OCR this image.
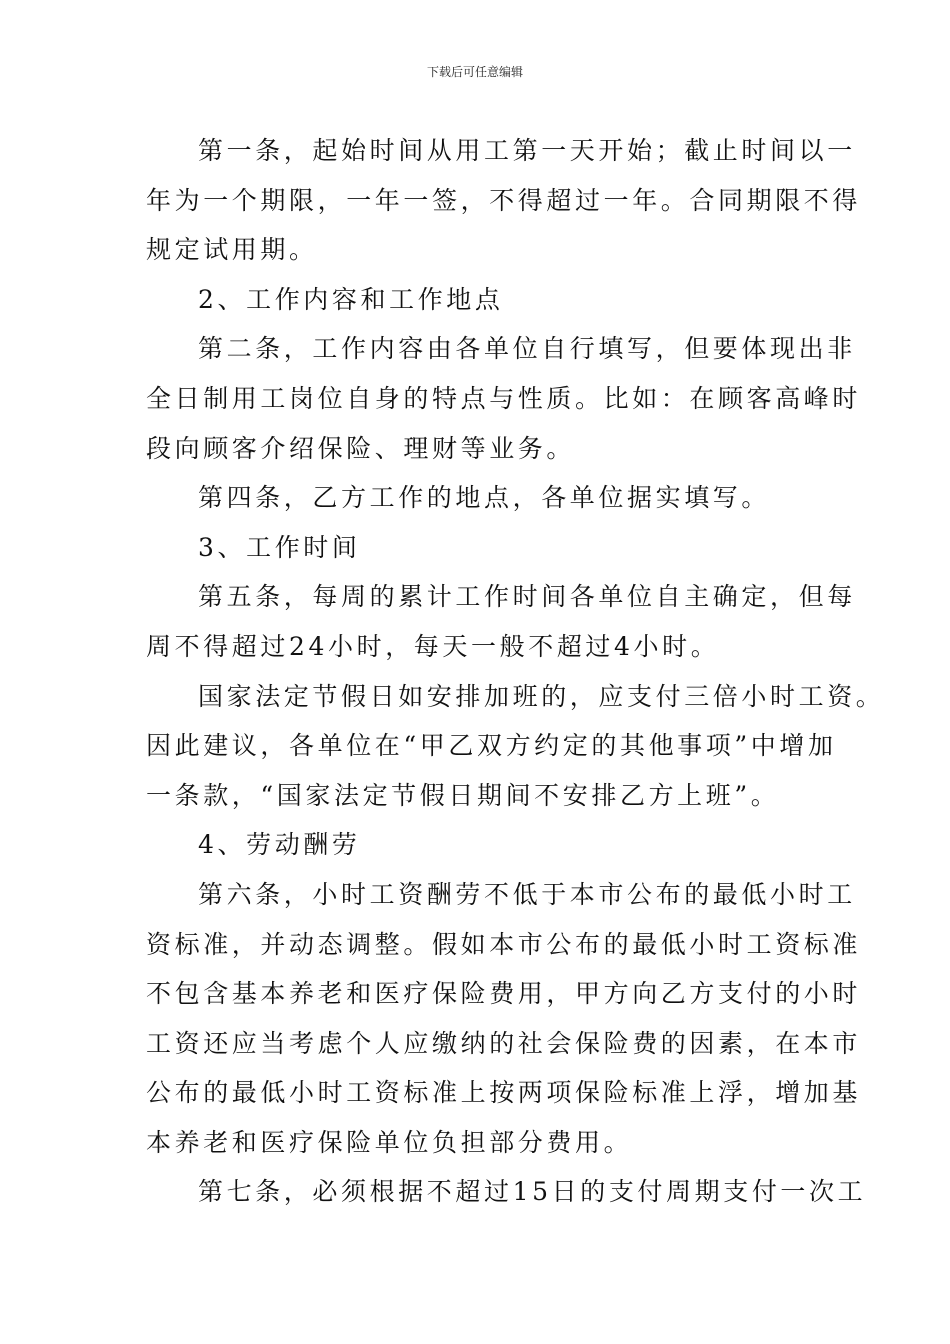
下载后可任意编辑
第一条，起始时间从用工第一天开始；截止时间以一
年为一个期限，一年一签，不得超过一年。合同期限不得
规定试用期。
2、工作内容和工作地点
第二条，工作内容由各单位自行填写，但要体现出非
全日制用工岗位自身的特点与性质。比如：在顾客高峰时
段向顾客介绍保险、理财等业务。
第四条，乙方工作的地点，各单位据实填写。
3、工作时间
第五条，每周的累计工作时间各单位自主确定，但每
周不得超过24小时，每天一般不超过4小时。
国家法定节假日如安排加班的，应支付三倍小时工资。
因此建议，各单位在“甲乙双方约定的其他事项”中增加
一条款，“国家法定节假日期间不安排乙方上班”。
4、劳动酬劳
第六条，小时工资酬劳不低于本市公布的最低小时工
资标准，并动态调整。假如本市公布的最低小时工资标准
不包含基本养老和医疗保险费用，甲方向乙方支付的小时
工资还应当考虑个人应缴纳的社会保险费的因素，在本市
公布的最低小时工资标准上按两项保险标准上浮，增加基
本养老和医疗保险单位负担部分费用。
第七条，必须根据不超过15日的支付周期支付一次工
